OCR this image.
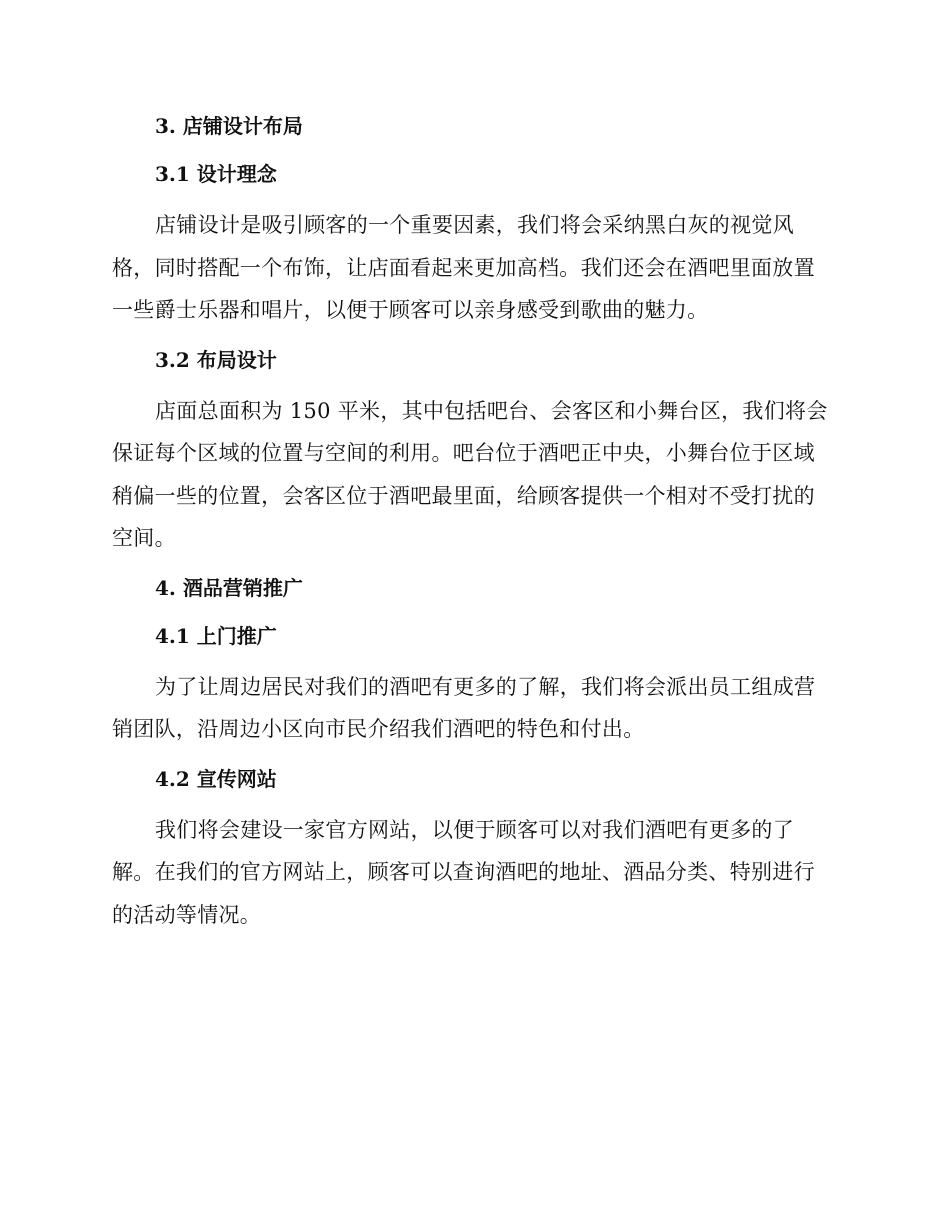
3. 店铺设计布局
3.1 设计理念

店铺设计是吸引顾客的一个重要因素，我们将会采纳黑白灰的视觉风
格，同时搭配一个布饰，让店面看起来更加高档。我们还会在酒吧里面放置
一些爵士乐器和唱片，以便于顾客可以亲身感受到歌曲的魅力。

3.2 布局设计

店面总面积为 150 平米，其中包括吧台、会客区和小舞台区，我们将会
保证每个区域的位置与空间的利用。吧台位于酒吧正中央，小舞台位于区域
稍偏一些的位置，会客区位于酒吧最里面，给顾客提供一个相对不受打扰的
空间。

4. 酒品营销推广
4.1 上门推广

为了让周边居民对我们的酒吧有更多的了解，我们将会派出员工组成营
销团队，沿周边小区向市民介绍我们酒吧的特色和付出。

4.2 宣传网站

我们将会建设一家官方网站，以便于顾客可以对我们酒吧有更多的了
解。在我们的官方网站上，顾客可以查询酒吧的地址、酒品分类、特别进行
的活动等情况。
